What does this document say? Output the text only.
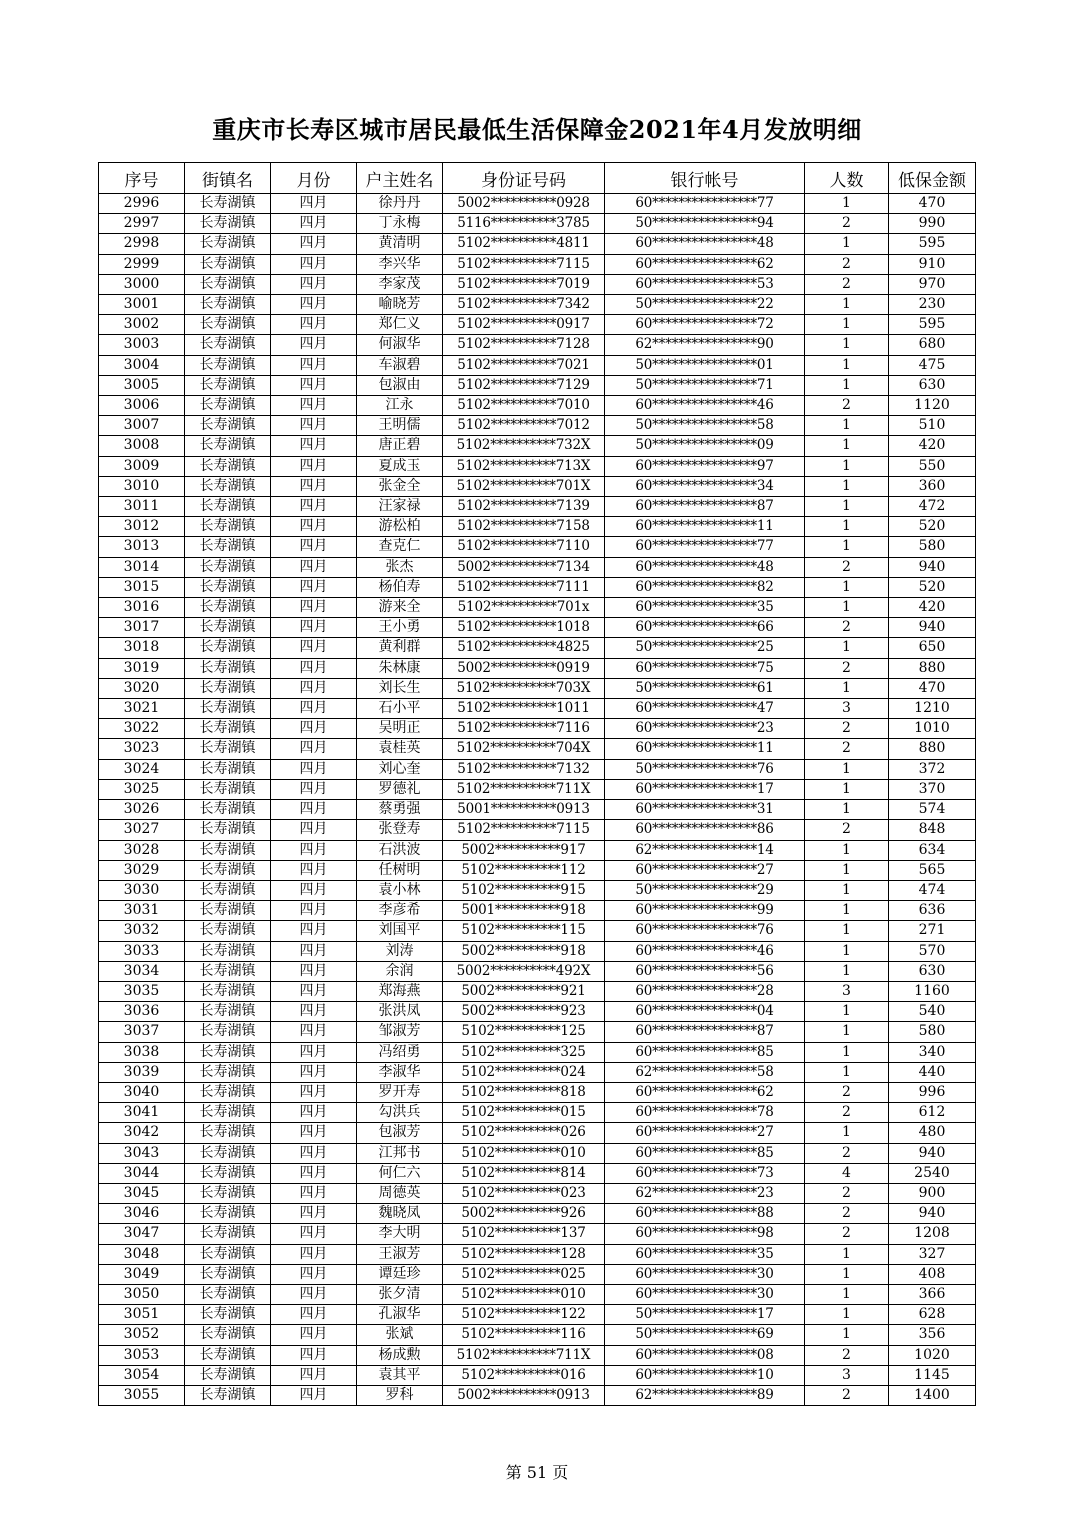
重庆市长寿区城市居民最低生活保障金2021年4月发放明细
序号	街镇名	月份	户主姓名	身份证号码	银行帐号	人数	低保金额
2996	长寿湖镇	四月	徐丹丹	5002**********0928	60****************77	1	470
2997	长寿湖镇	四月	丁永梅	5116**********3785	50****************94	2	990
2998	长寿湖镇	四月	黄清明	5102**********4811	60****************48	1	595
2999	长寿湖镇	四月	李兴华	5102**********7115	60****************62	2	910
3000	长寿湖镇	四月	李家茂	5102**********7019	60****************53	2	970
3001	长寿湖镇	四月	喻晓芳	5102**********7342	50****************22	1	230
3002	长寿湖镇	四月	郑仁义	5102**********0917	60****************72	1	595
3003	长寿湖镇	四月	何淑华	5102**********7128	62****************90	1	680
3004	长寿湖镇	四月	车淑碧	5102**********7021	50****************01	1	475
3005	长寿湖镇	四月	包淑由	5102**********7129	50****************71	1	630
3006	长寿湖镇	四月	江永	5102**********7010	60****************46	2	1120
3007	长寿湖镇	四月	王明儒	5102**********7012	50****************58	1	510
3008	长寿湖镇	四月	唐正碧	5102**********732X	50****************09	1	420
3009	长寿湖镇	四月	夏成玉	5102**********713X	60****************97	1	550
3010	长寿湖镇	四月	张金全	5102**********701X	60****************34	1	360
3011	长寿湖镇	四月	汪家禄	5102**********7139	60****************87	1	472
3012	长寿湖镇	四月	游松柏	5102**********7158	60****************11	1	520
3013	长寿湖镇	四月	查克仁	5102**********7110	60****************77	1	580
3014	长寿湖镇	四月	张杰	5002**********7134	60****************48	2	940
3015	长寿湖镇	四月	杨伯寿	5102**********7111	60****************82	1	520
3016	长寿湖镇	四月	游来全	5102**********701x	60****************35	1	420
3017	长寿湖镇	四月	王小勇	5102**********1018	60****************66	2	940
3018	长寿湖镇	四月	黄利群	5102**********4825	50****************25	1	650
3019	长寿湖镇	四月	朱林康	5002**********0919	60****************75	2	880
3020	长寿湖镇	四月	刘长生	5102**********703X	50****************61	1	470
3021	长寿湖镇	四月	石小平	5102**********1011	60****************47	3	1210
3022	长寿湖镇	四月	吴明正	5102**********7116	60****************23	2	1010
3023	长寿湖镇	四月	袁桂英	5102**********704X	60****************11	2	880
3024	长寿湖镇	四月	刘心奎	5102**********7132	50****************76	1	372
3025	长寿湖镇	四月	罗德礼	5102**********711X	60****************17	1	370
3026	长寿湖镇	四月	蔡勇强	5001**********0913	60****************31	1	574
3027	长寿湖镇	四月	张登寿	5102**********7115	60****************86	2	848
3028	长寿湖镇	四月	石洪波	5002**********917	62****************14	1	634
3029	长寿湖镇	四月	任树明	5102**********112	60****************27	1	565
3030	长寿湖镇	四月	袁小林	5102**********915	50****************29	1	474
3031	长寿湖镇	四月	李彦希	5001**********918	60****************99	1	636
3032	长寿湖镇	四月	刘国平	5102**********115	60****************76	1	271
3033	长寿湖镇	四月	刘涛	5002**********918	60****************46	1	570
3034	长寿湖镇	四月	余润	5002**********492X	60****************56	1	630
3035	长寿湖镇	四月	郑海燕	5002**********921	60****************28	3	1160
3036	长寿湖镇	四月	张洪凤	5002**********923	60****************04	1	540
3037	长寿湖镇	四月	邹淑芳	5102**********125	60****************87	1	580
3038	长寿湖镇	四月	冯绍勇	5102**********325	60****************85	1	340
3039	长寿湖镇	四月	李淑华	5102**********024	62****************58	1	440
3040	长寿湖镇	四月	罗开寿	5102**********818	60****************62	2	996
3041	长寿湖镇	四月	勾洪兵	5102**********015	60****************78	2	612
3042	长寿湖镇	四月	包淑芳	5102**********026	60****************27	1	480
3043	长寿湖镇	四月	江邦书	5102**********010	60****************85	2	940
3044	长寿湖镇	四月	何仁六	5102**********814	60****************73	4	2540
3045	长寿湖镇	四月	周德英	5102**********023	62****************23	2	900
3046	长寿湖镇	四月	魏晓凤	5002**********926	60****************88	2	940
3047	长寿湖镇	四月	李大明	5102**********137	60****************98	2	1208
3048	长寿湖镇	四月	王淑芳	5102**********128	60****************35	1	327
3049	长寿湖镇	四月	谭廷珍	5102**********025	60****************30	1	408
3050	长寿湖镇	四月	张夕清	5102**********010	60****************30	1	366
3051	长寿湖镇	四月	孔淑华	5102**********122	50****************17	1	628
3052	长寿湖镇	四月	张斌	5102**********116	50****************69	1	356
3053	长寿湖镇	四月	杨成勲	5102**********711X	60****************08	2	1020
3054	长寿湖镇	四月	袁其平	5102**********016	60****************10	3	1145
3055	长寿湖镇	四月	罗科	5002**********0913	62****************89	2	1400
第 51 页
